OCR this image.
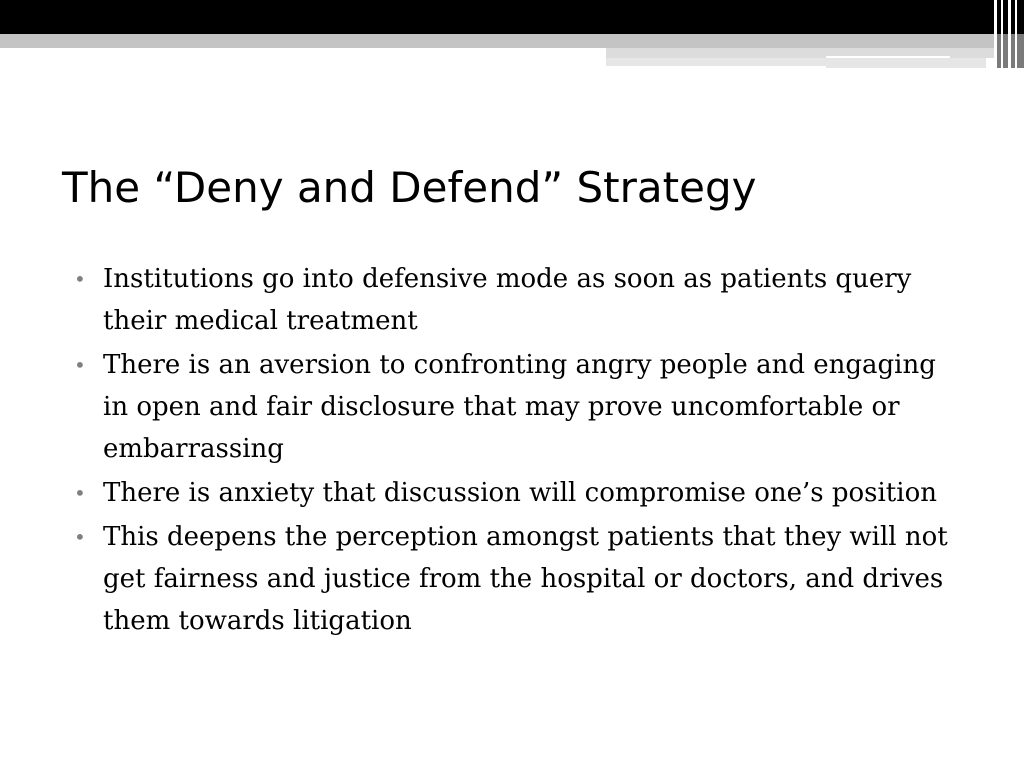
The “Deny and Defend” Strategy
• Institutions go into defensive mode as soon as patients query their medical treatment
• There is an aversion to confronting angry people and engaging in open and fair disclosure that may prove uncomfortable or embarrassing
• There is anxiety that discussion will compromise one’s position
• This deepens the perception amongst patients that they will not get fairness and justice from the hospital or doctors, and drives them towards litigation
